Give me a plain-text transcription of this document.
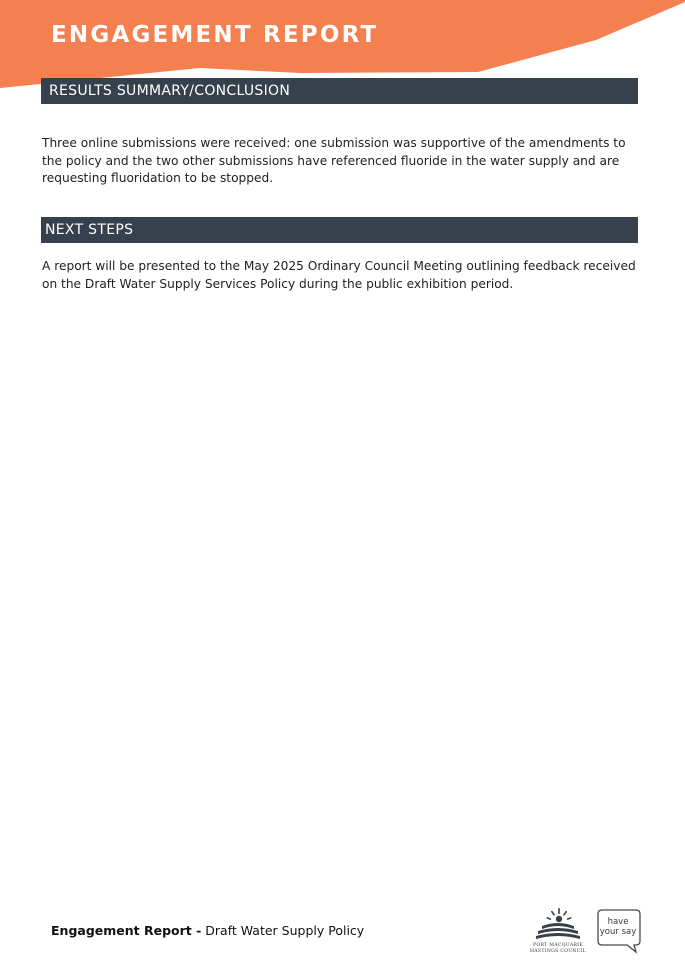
ENGAGEMENT REPORT
RESULTS SUMMARY/CONCLUSION

Three online submissions were received: one submission was supportive of the amendments to the policy and the two other submissions have referenced fluoride in the water supply and are requesting fluoridation to be stopped.

NEXT STEPS

A report will be presented to the May 2025 Ordinary Council Meeting outlining feedback received on the Draft Water Supply Services Policy during the public exhibition period.

Engagement Report - Draft Water Supply Policy
PORT MACQUARIE
HASTINGS COUNCIL
have
your say
